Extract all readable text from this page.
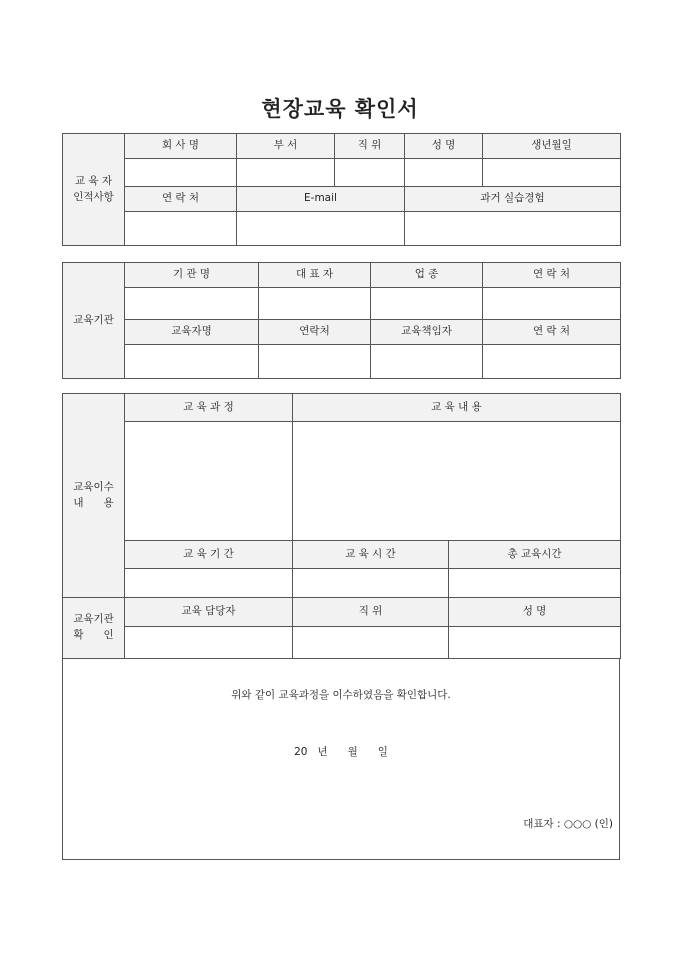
현장교육 확인서
교 육 자
인적사항	회 사 명	부 서	직 위	성 명	생년월일

	연 락 처	E-mail		과거 실습경험	

교육기관	기 관 명	대 표 자	업 종	연 락 처

	교육자명	연락처	교육책임자	연 락 처

교육이수
내      용	교 육 과 정	교 육 내 용	

	교 육 기 간	교 육 시 간	총 교육시간

교육기관
확      인	교육 담당자	직 위	성 명

위와 같이 교육과정을 이수하였음을 확인합니다.
20   년      월      일
대표자 : ○○○ (인)
